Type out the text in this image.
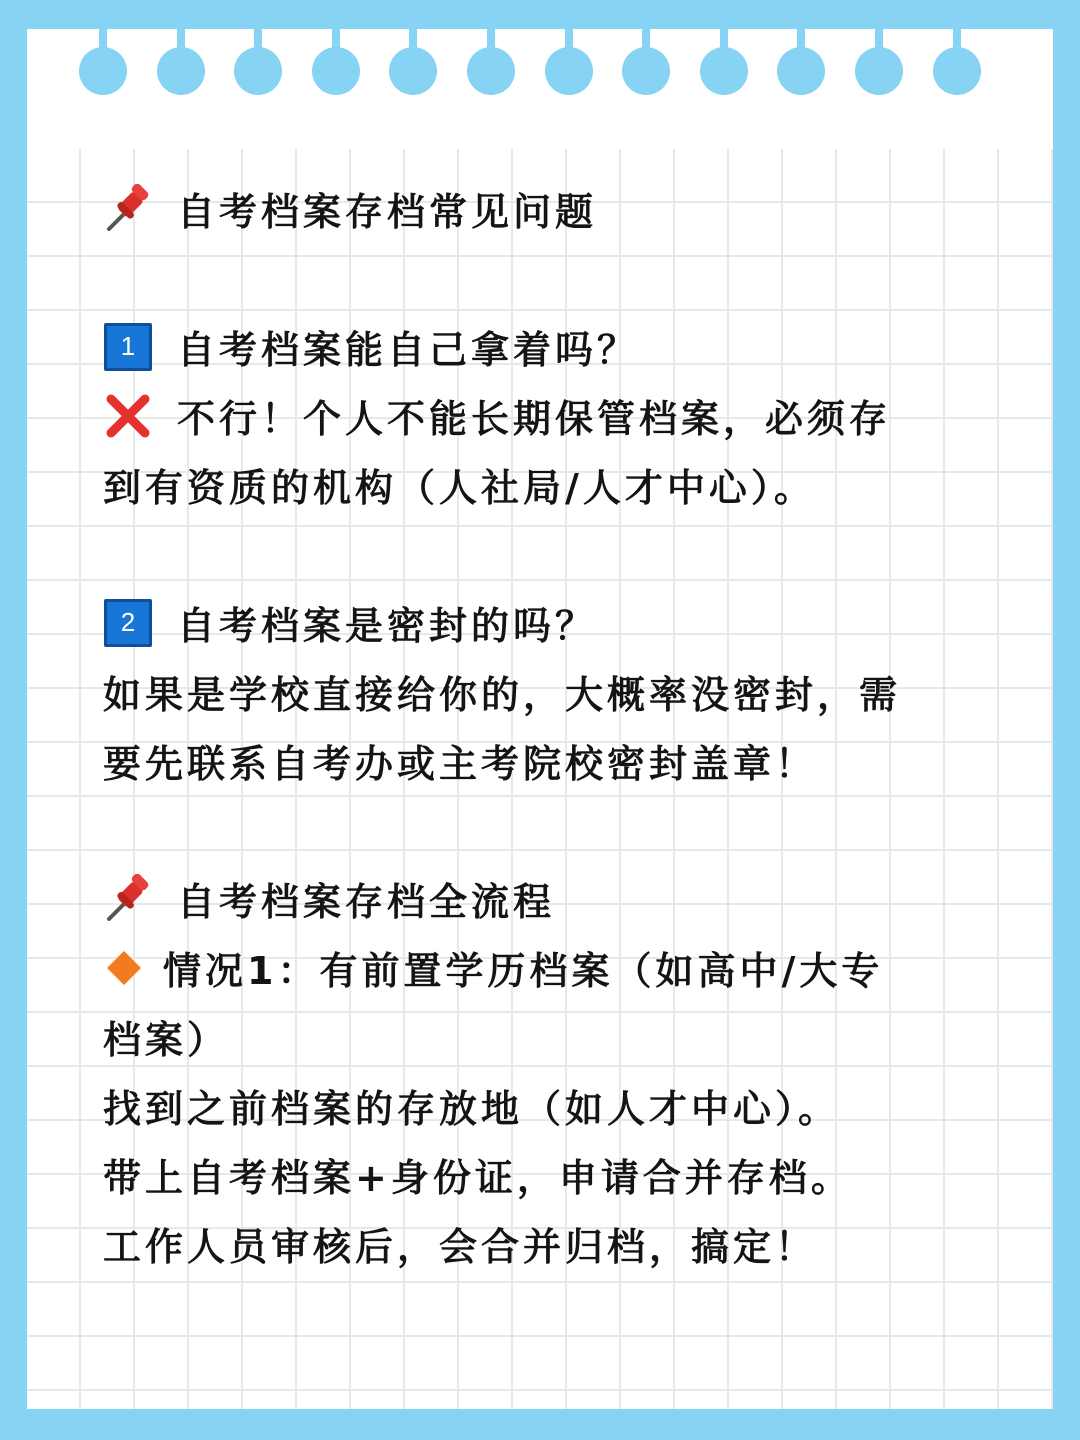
自考档案存档常见问题
1	自考档案能自己拿着吗？
不行！个人不能长期保管档案，必须存
到有资质的机构（人社局/人才中心）。
2	自考档案是密封的吗？
如果是学校直接给你的，大概率没密封，需
要先联系自考办或主考院校密封盖章！
自考档案存档全流程
情况1：有前置学历档案（如高中/大专
档案）
找到之前档案的存放地（如人才中心）。
带上自考档案+身份证，申请合并存档。
工作人员审核后，会合并归档，搞定！
